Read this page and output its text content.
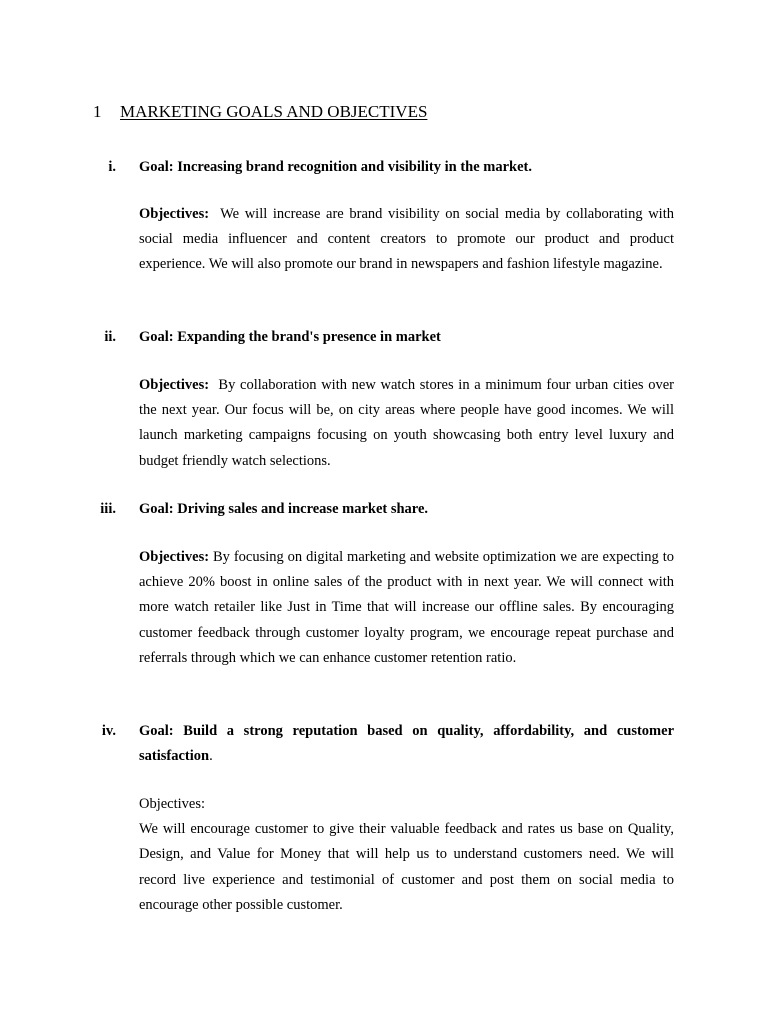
1 MARKETING GOALS AND OBJECTIVES
i. Goal: Increasing brand recognition and visibility in the market.

Objectives: We will increase are brand visibility on social media by collaborating with social media influencer and content creators to promote our product and product experience. We will also promote our brand in newspapers and fashion lifestyle magazine.

ii. Goal: Expanding the brand's presence in market

Objectives: By collaboration with new watch stores in a minimum four urban cities over the next year. Our focus will be, on city areas where people have good incomes. We will launch marketing campaigns focusing on youth showcasing both entry level luxury and budget friendly watch selections.

iii. Goal: Driving sales and increase market share.

Objectives: By focusing on digital marketing and website optimization we are expecting to achieve 20% boost in online sales of the product with in next year. We will connect with more watch retailer like Just in Time that will increase our offline sales. By encouraging customer feedback through customer loyalty program, we encourage repeat purchase and referrals through which we can enhance customer retention ratio.

iv. Goal: Build a strong reputation based on quality, affordability, and customer satisfaction.

Objectives:
We will encourage customer to give their valuable feedback and rates us base on Quality, Design, and Value for Money that will help us to understand customers need. We will record live experience and testimonial of customer and post them on social media to encourage other possible customer.
